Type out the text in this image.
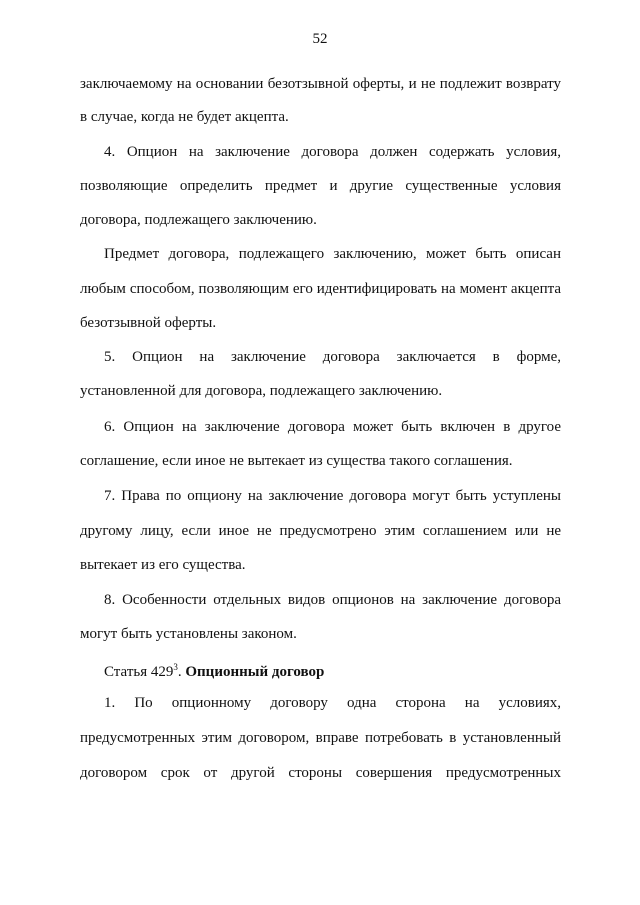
52
заключаемому на основании безотзывной оферты, и не подлежит возврату
в случае, когда не будет акцепта.
4. Опцион на заключение договора должен содержать условия,
позволяющие определить предмет и другие существенные условия
договора, подлежащего заключению.
Предмет договора, подлежащего заключению, может быть описан
любым способом, позволяющим его идентифицировать на момент акцепта
безотзывной оферты.
5. Опцион на заключение договора заключается в форме,
установленной для договора, подлежащего заключению.
6. Опцион на заключение договора может быть включен в другое
соглашение, если иное не вытекает из существа такого соглашения.
7. Права по опциону на заключение договора могут быть уступлены
другому лицу, если иное не предусмотрено этим соглашением или не
вытекает из его существа.
8. Особенности отдельных видов опционов на заключение договора
могут быть установлены законом.
Статья $429^3$. Опционный договор
1. По опционному договору одна сторона на условиях,
предусмотренных этим договором, вправе потребовать в установленный
договором срок от другой стороны совершения предусмотренных
